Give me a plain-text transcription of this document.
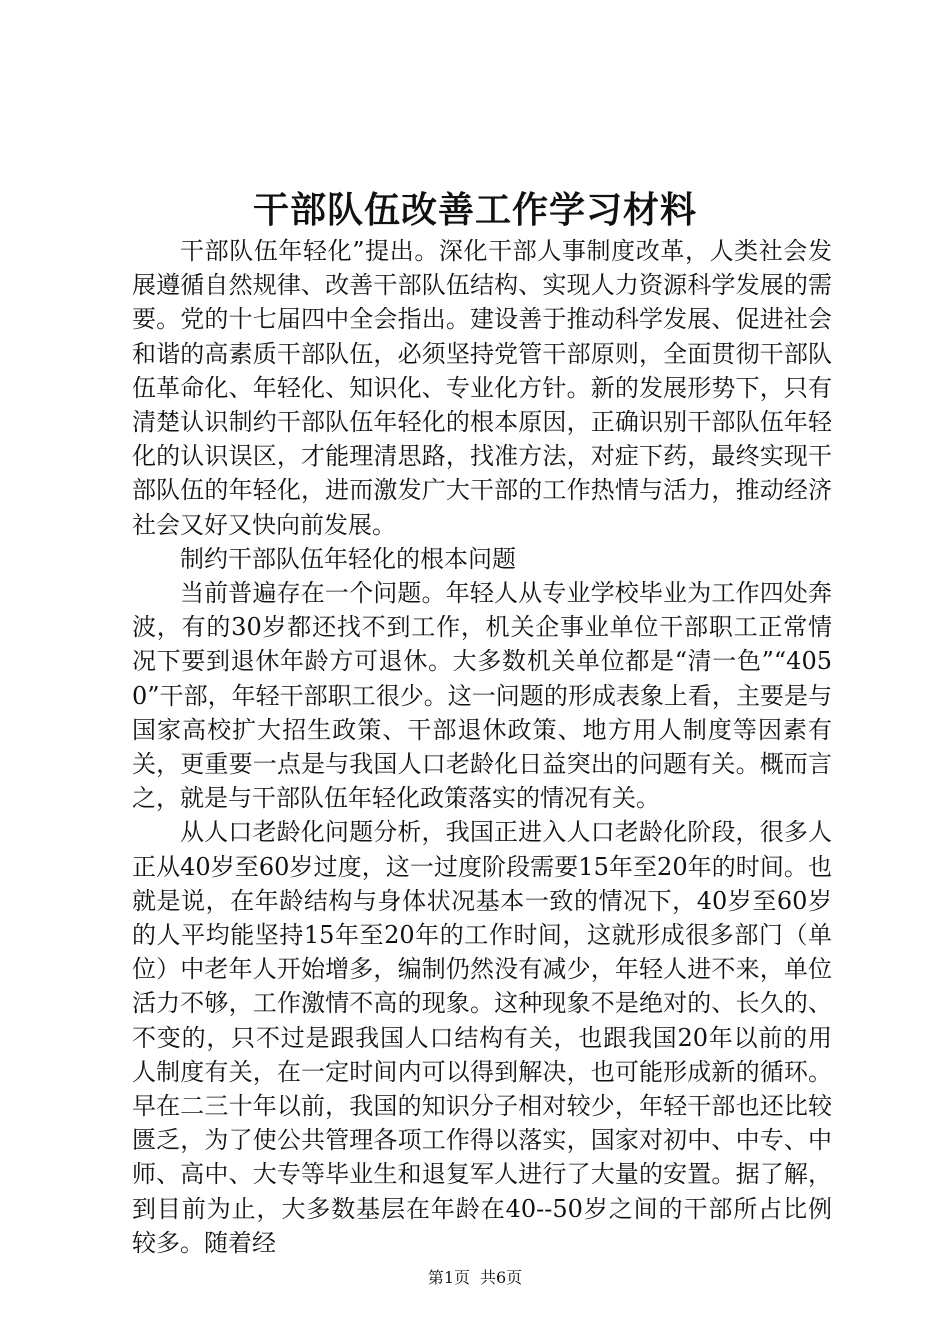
干部队伍改善工作学习材料

干部队伍年轻化”提出。深化干部人事制度改革，人类社会发展遵循自然规律、改善干部队伍结构、实现人力资源科学发展的需要。党的十七届四中全会指出。建设善于推动科学发展、促进社会和谐的高素质干部队伍，必须坚持党管干部原则，全面贯彻干部队伍革命化、年轻化、知识化、专业化方针。新的发展形势下，只有清楚认识制约干部队伍年轻化的根本原因，正确识别干部队伍年轻化的认识误区，才能理清思路，找准方法，对症下药，最终实现干部队伍的年轻化，进而激发广大干部的工作热情与活力，推动经济社会又好又快向前发展。

制约干部队伍年轻化的根本问题

当前普遍存在一个问题。年轻人从专业学校毕业为工作四处奔波，有的30岁都还找不到工作，机关企事业单位干部职工正常情况下要到退休年龄方可退休。大多数机关单位都是“清一色”“4050”干部，年轻干部职工很少。这一问题的形成表象上看，主要是与国家高校扩大招生政策、干部退休政策、地方用人制度等因素有关，更重要一点是与我国人口老龄化日益突出的问题有关。概而言之，就是与干部队伍年轻化政策落实的情况有关。

从人口老龄化问题分析，我国正进入人口老龄化阶段，很多人正从40岁至60岁过度，这一过度阶段需要15年至20年的时间。也就是说，在年龄结构与身体状况基本一致的情况下，40岁至60岁的人平均能坚持15年至20年的工作时间，这就形成很多部门（单位）中老年人开始增多，编制仍然没有减少，年轻人进不来，单位活力不够，工作激情不高的现象。这种现象不是绝对的、长久的、不变的，只不过是跟我国人口结构有关，也跟我国20年以前的用人制度有关，在一定时间内可以得到解决，也可能形成新的循环。早在二三十年以前，我国的知识分子相对较少，年轻干部也还比较匮乏，为了使公共管理各项工作得以落实，国家对初中、中专、中师、高中、大专等毕业生和退复军人进行了大量的安置。据了解，到目前为止，大多数基层在年龄在40--50岁之间的干部所占比例较多。随着经

第1页 共6页
